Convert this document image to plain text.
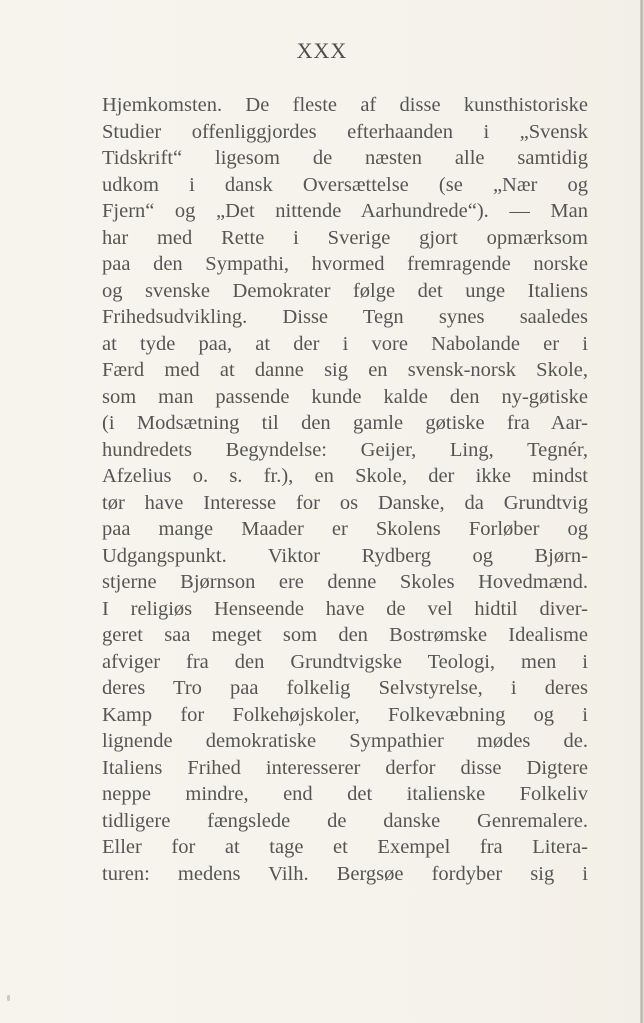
XXX
Hjemkomsten. De fleste af disse kunsthistoriske
Studier offenliggjordes efterhaanden i „Svensk
Tidskrift“ ligesom de næsten alle samtidig
udkom i dansk Oversættelse (se „Nær og
Fjern“ og „Det nittende Aarhundrede“). — Man
har med Rette i Sverige gjort opmærksom
paa den Sympathi, hvormed fremragende norske
og svenske Demokrater følge det unge Italiens
Frihedsudvikling. Disse Tegn synes saaledes
at tyde paa, at der i vore Nabolande er i
Færd med at danne sig en svensk-norsk Skole,
som man passende kunde kalde den ny-gøtiske
(i Modsætning til den gamle gøtiske fra Aar-
hundredets Begyndelse: Geijer, Ling, Tegnér,
Afzelius o. s. fr.), en Skole, der ikke mindst
tør have Interesse for os Danske, da Grundtvig
paa mange Maader er Skolens Forløber og
Udgangspunkt. Viktor Rydberg og Bjørn-
stjerne Bjørnson ere denne Skoles Hovedmænd.
I religiøs Henseende have de vel hidtil diver-
geret saa meget som den Bostrømske Idealisme
afviger fra den Grundtvigske Teologi, men i
deres Tro paa folkelig Selvstyrelse, i deres
Kamp for Folkehøjskoler, Folkevæbning og i
lignende demokratiske Sympathier mødes de.
Italiens Frihed interesserer derfor disse Digtere
neppe mindre, end det italienske Folkeliv
tidligere fængslede de danske Genremalere.
Eller for at tage et Exempel fra Litera-
turen: medens Vilh. Bergsøe fordyber sig i
